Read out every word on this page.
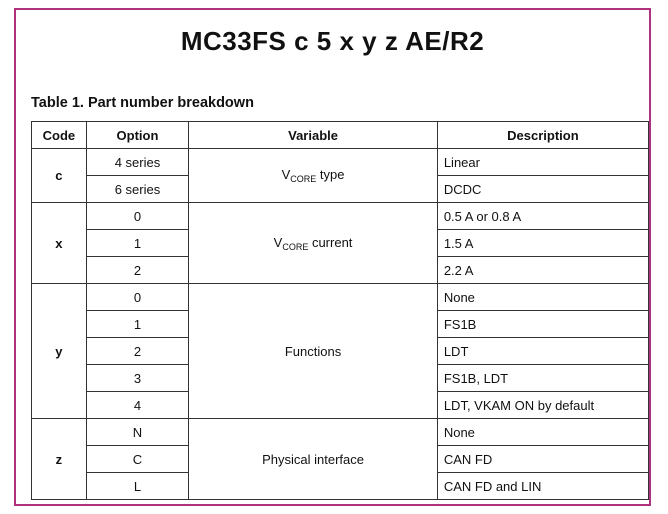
MC33FS c 5 x y z AE/R2
Table 1. Part number breakdown
Code	Option	Variable	Description
c	4 series	$V_{CORE}$ type	Linear
	6 series		DCDC
x	0	$V_{CORE}$ current	0.5 A or 0.8 A
	1		1.5 A
	2		2.2 A
y	0	Functions	None
	1		FS1B
	2		LDT
	3		FS1B, LDT
	4		LDT, VKAM ON by default
z	N	Physical interface	None
	C		CAN FD
	L		CAN FD and LIN
